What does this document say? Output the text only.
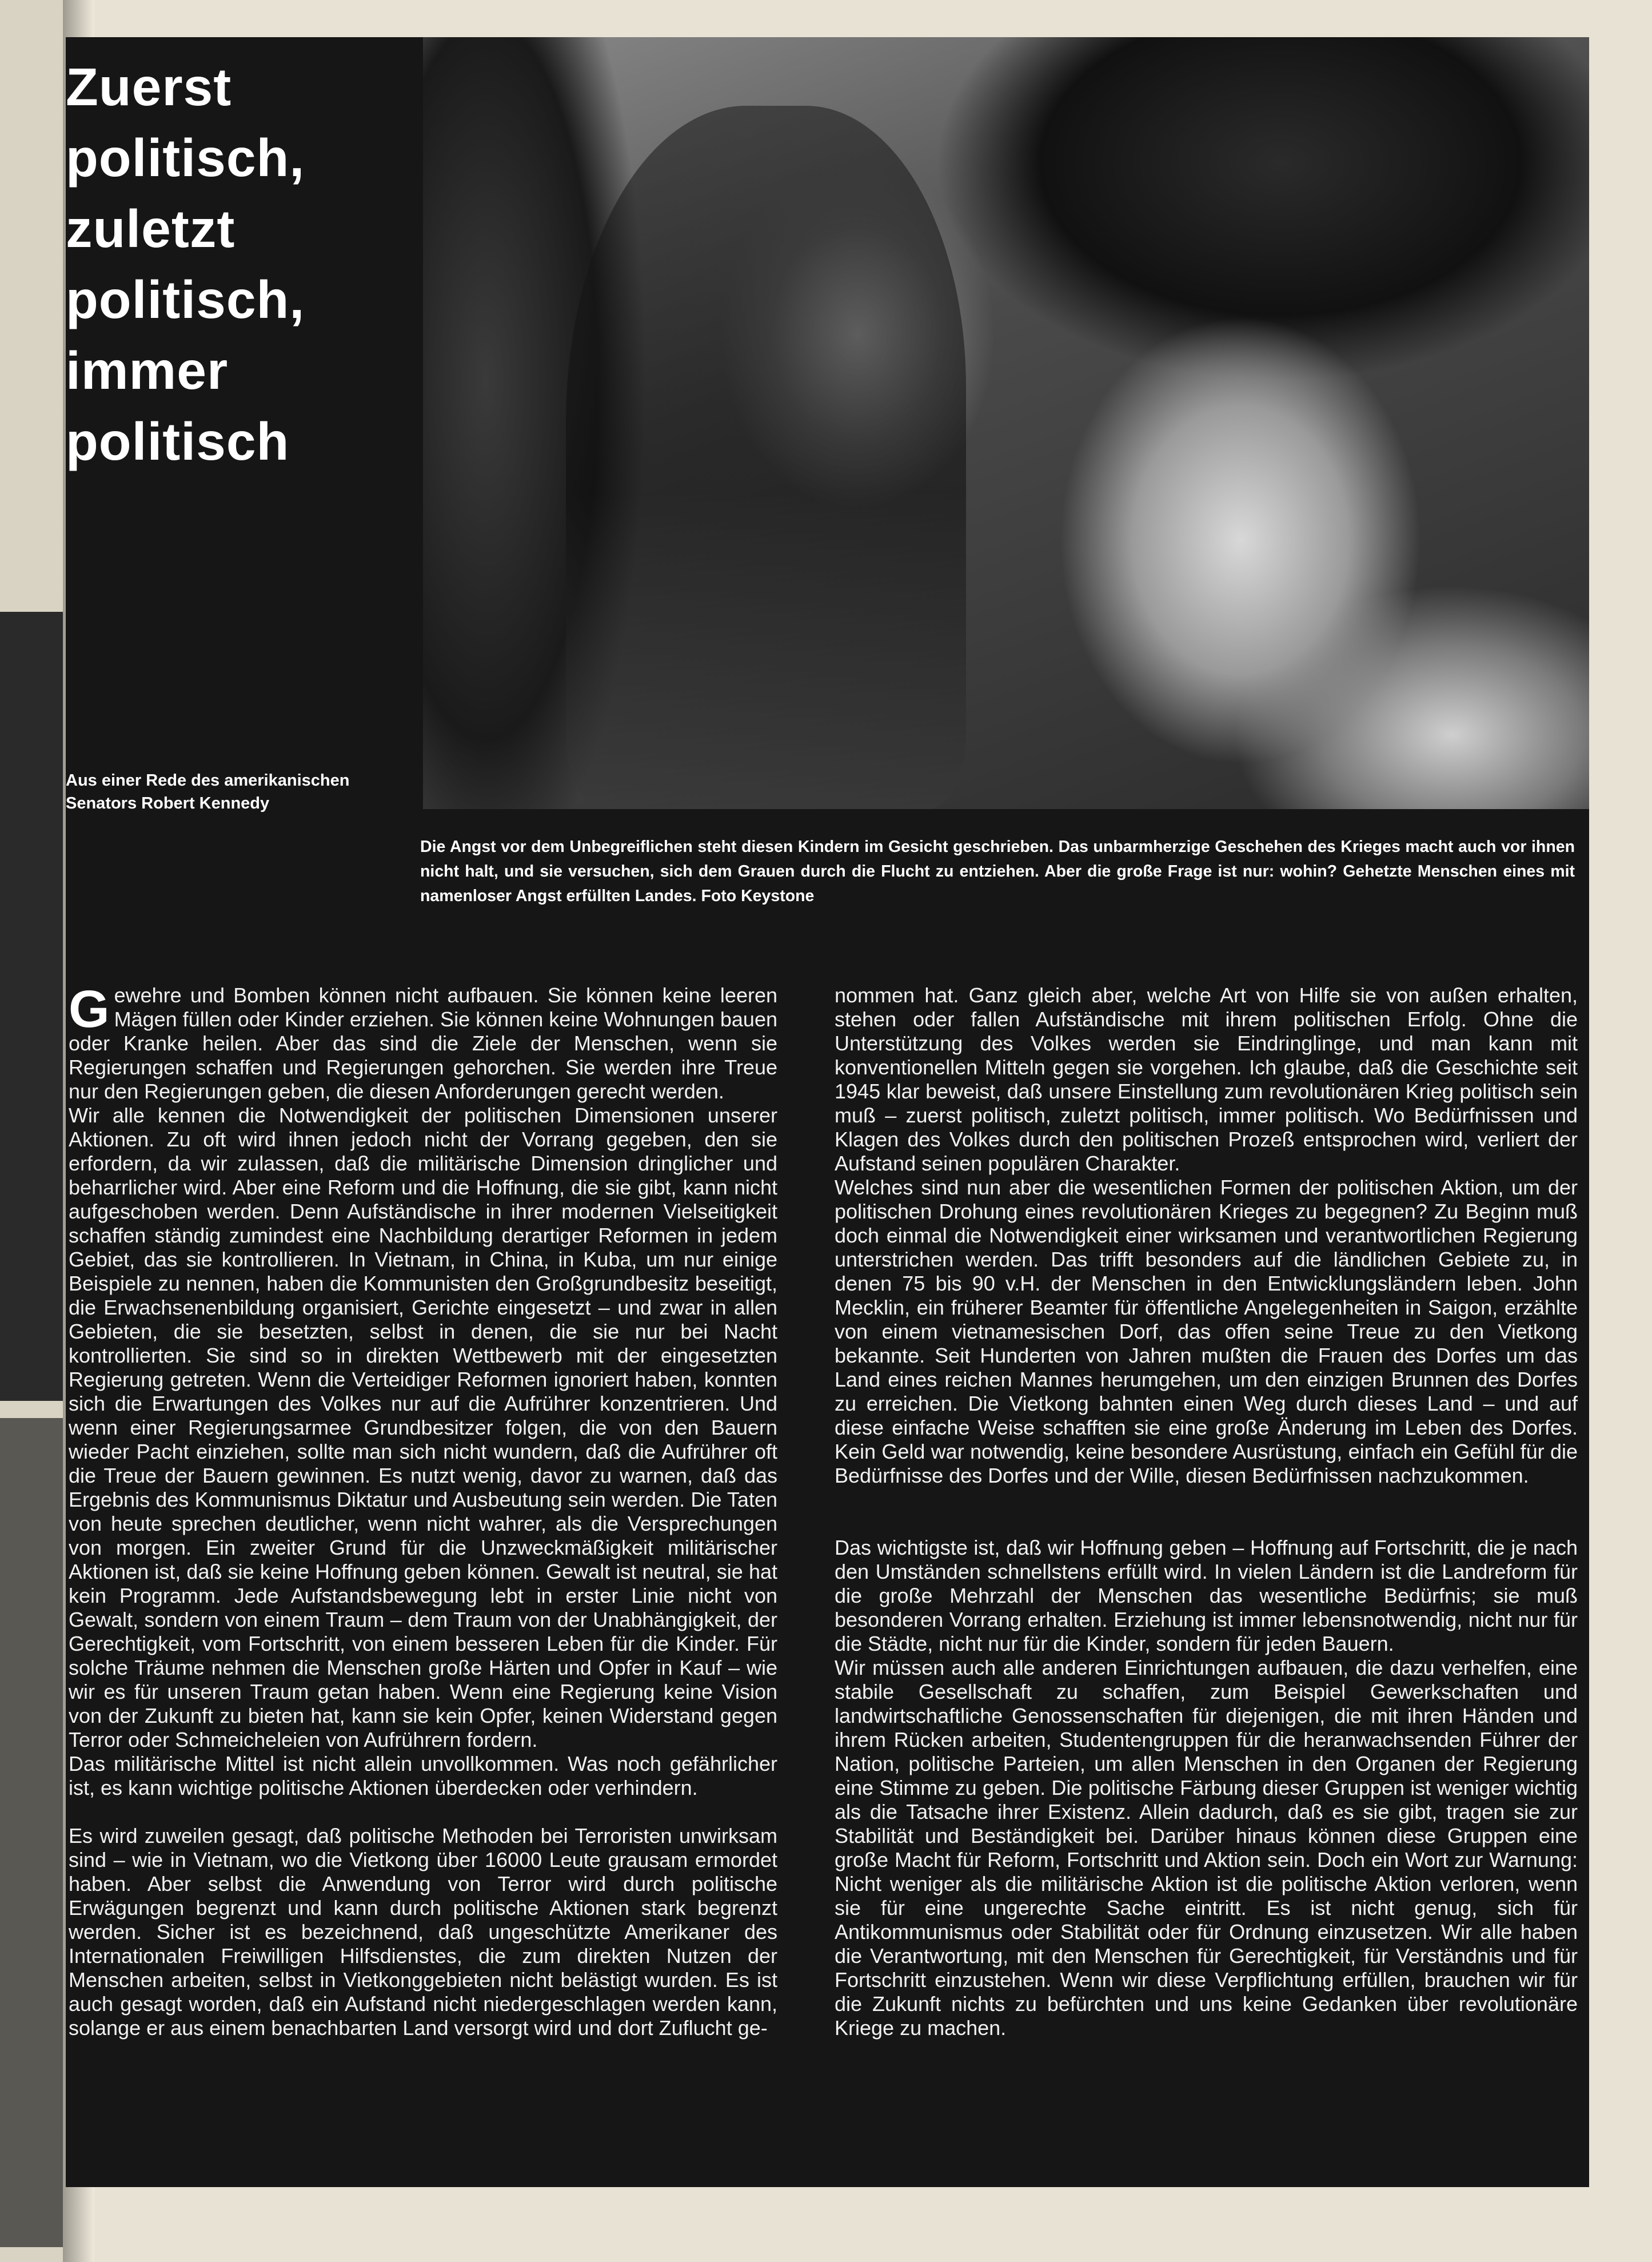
Zuerst
politisch,
zuletzt
politisch,
immer
politisch

Aus einer Rede des amerikanischen Senators Robert Kennedy

Die Angst vor dem Unbegreiflichen steht diesen Kindern im Gesicht geschrieben. Das unbarmherzige Geschehen des Krieges macht auch vor ihnen nicht halt, und sie versuchen, sich dem Grauen durch die Flucht zu entziehen. Aber die große Frage ist nur: wohin? Gehetzte Menschen eines mit namenloser Angst erfüllten Landes. Foto Keystone

Gewehre und Bomben können nicht aufbauen. Sie können keine leeren Mägen füllen oder Kinder erziehen. Sie können keine Wohnungen bauen oder Kranke heilen. Aber das sind die Ziele der Menschen, wenn sie Regierungen schaffen und Regierungen gehorchen. Sie werden ihre Treue nur den Regierungen geben, die diesen Anforderungen gerecht werden.

Wir alle kennen die Notwendigkeit der politischen Dimensionen unserer Aktionen. Zu oft wird ihnen jedoch nicht der Vorrang gegeben, den sie erfordern, da wir zulassen, daß die militärische Dimension dringlicher und beharrlicher wird. Aber eine Reform und die Hoffnung, die sie gibt, kann nicht aufgeschoben werden. Denn Aufständische in ihrer modernen Vielseitigkeit schaffen ständig zumindest eine Nachbildung derartiger Reformen in jedem Gebiet, das sie kontrollieren. In Vietnam, in China, in Kuba, um nur einige Beispiele zu nennen, haben die Kommunisten den Großgrundbesitz beseitigt, die Erwachsenenbildung organisiert, Gerichte eingesetzt – und zwar in allen Gebieten, die sie besetzten, selbst in denen, die sie nur bei Nacht kontrollierten. Sie sind so in direkten Wettbewerb mit der eingesetzten Regierung getreten. Wenn die Verteidiger Reformen ignoriert haben, konnten sich die Erwartungen des Volkes nur auf die Aufrührer konzentrieren. Und wenn einer Regierungsarmee Grundbesitzer folgen, die von den Bauern wieder Pacht einziehen, sollte man sich nicht wundern, daß die Aufrührer oft die Treue der Bauern gewinnen. Es nutzt wenig, davor zu warnen, daß das Ergebnis des Kommunismus Diktatur und Ausbeutung sein werden. Die Taten von heute sprechen deutlicher, wenn nicht wahrer, als die Versprechungen von morgen. Ein zweiter Grund für die Unzweckmäßigkeit militärischer Aktionen ist, daß sie keine Hoffnung geben können. Gewalt ist neutral, sie hat kein Programm. Jede Aufstandsbewegung lebt in erster Linie nicht von Gewalt, sondern von einem Traum – dem Traum von der Unabhängigkeit, der Gerechtigkeit, vom Fortschritt, von einem besseren Leben für die Kinder. Für solche Träume nehmen die Menschen große Härten und Opfer in Kauf – wie wir es für unseren Traum getan haben. Wenn eine Regierung keine Vision von der Zukunft zu bieten hat, kann sie kein Opfer, keinen Widerstand gegen Terror oder Schmeicheleien von Aufrührern fordern.

Das militärische Mittel ist nicht allein unvollkommen. Was noch gefährlicher ist, es kann wichtige politische Aktionen überdecken oder verhindern.

Es wird zuweilen gesagt, daß politische Methoden bei Terroristen unwirksam sind – wie in Vietnam, wo die Vietkong über 16000 Leute grausam ermordet haben. Aber selbst die Anwendung von Terror wird durch politische Erwägungen begrenzt und kann durch politische Aktionen stark begrenzt werden. Sicher ist es bezeichnend, daß ungeschützte Amerikaner des Internationalen Freiwilligen Hilfsdienstes, die zum direkten Nutzen der Menschen arbeiten, selbst in Vietkonggebieten nicht belästigt wurden. Es ist auch gesagt worden, daß ein Aufstand nicht niedergeschlagen werden kann, solange er aus einem benachbarten Land versorgt wird und dort Zuflucht ge-

nommen hat. Ganz gleich aber, welche Art von Hilfe sie von außen erhalten, stehen oder fallen Aufständische mit ihrem politischen Erfolg. Ohne die Unterstützung des Volkes werden sie Eindringlinge, und man kann mit konventionellen Mitteln gegen sie vorgehen. Ich glaube, daß die Geschichte seit 1945 klar beweist, daß unsere Einstellung zum revolutionären Krieg politisch sein muß – zuerst politisch, zuletzt politisch, immer politisch. Wo Bedürfnissen und Klagen des Volkes durch den politischen Prozeß entsprochen wird, verliert der Aufstand seinen populären Charakter.

Welches sind nun aber die wesentlichen Formen der politischen Aktion, um der politischen Drohung eines revolutionären Krieges zu begegnen? Zu Beginn muß doch einmal die Notwendigkeit einer wirksamen und verantwortlichen Regierung unterstrichen werden. Das trifft besonders auf die ländlichen Gebiete zu, in denen 75 bis 90 v.H. der Menschen in den Entwicklungsländern leben. John Mecklin, ein früherer Beamter für öffentliche Angelegenheiten in Saigon, erzählte von einem vietnamesischen Dorf, das offen seine Treue zu den Vietkong bekannte. Seit Hunderten von Jahren mußten die Frauen des Dorfes um das Land eines reichen Mannes herumgehen, um den einzigen Brunnen des Dorfes zu erreichen. Die Vietkong bahnten einen Weg durch dieses Land – und auf diese einfache Weise schafften sie eine große Änderung im Leben des Dorfes. Kein Geld war notwendig, keine besondere Ausrüstung, einfach ein Gefühl für die Bedürfnisse des Dorfes und der Wille, diesen Bedürfnissen nachzukommen.

Das wichtigste ist, daß wir Hoffnung geben – Hoffnung auf Fortschritt, die je nach den Umständen schnellstens erfüllt wird. In vielen Ländern ist die Landreform für die große Mehrzahl der Menschen das wesentliche Bedürfnis; sie muß besonderen Vorrang erhalten. Erziehung ist immer lebensnotwendig, nicht nur für die Städte, nicht nur für die Kinder, sondern für jeden Bauern.

Wir müssen auch alle anderen Einrichtungen aufbauen, die dazu verhelfen, eine stabile Gesellschaft zu schaffen, zum Beispiel Gewerkschaften und landwirtschaftliche Genossenschaften für diejenigen, die mit ihren Händen und ihrem Rücken arbeiten, Studentengruppen für die heranwachsenden Führer der Nation, politische Parteien, um allen Menschen in den Organen der Regierung eine Stimme zu geben. Die politische Färbung dieser Gruppen ist weniger wichtig als die Tatsache ihrer Existenz. Allein dadurch, daß es sie gibt, tragen sie zur Stabilität und Beständigkeit bei. Darüber hinaus können diese Gruppen eine große Macht für Reform, Fortschritt und Aktion sein. Doch ein Wort zur Warnung: Nicht weniger als die militärische Aktion ist die politische Aktion verloren, wenn sie für eine ungerechte Sache eintritt. Es ist nicht genug, sich für Antikommunismus oder Stabilität oder für Ordnung einzusetzen. Wir alle haben die Verantwortung, mit den Menschen für Gerechtigkeit, für Verständnis und für Fortschritt einzustehen. Wenn wir diese Verpflichtung erfüllen, brauchen wir für die Zukunft nichts zu befürchten und uns keine Gedanken über revolutionäre Kriege zu machen.
